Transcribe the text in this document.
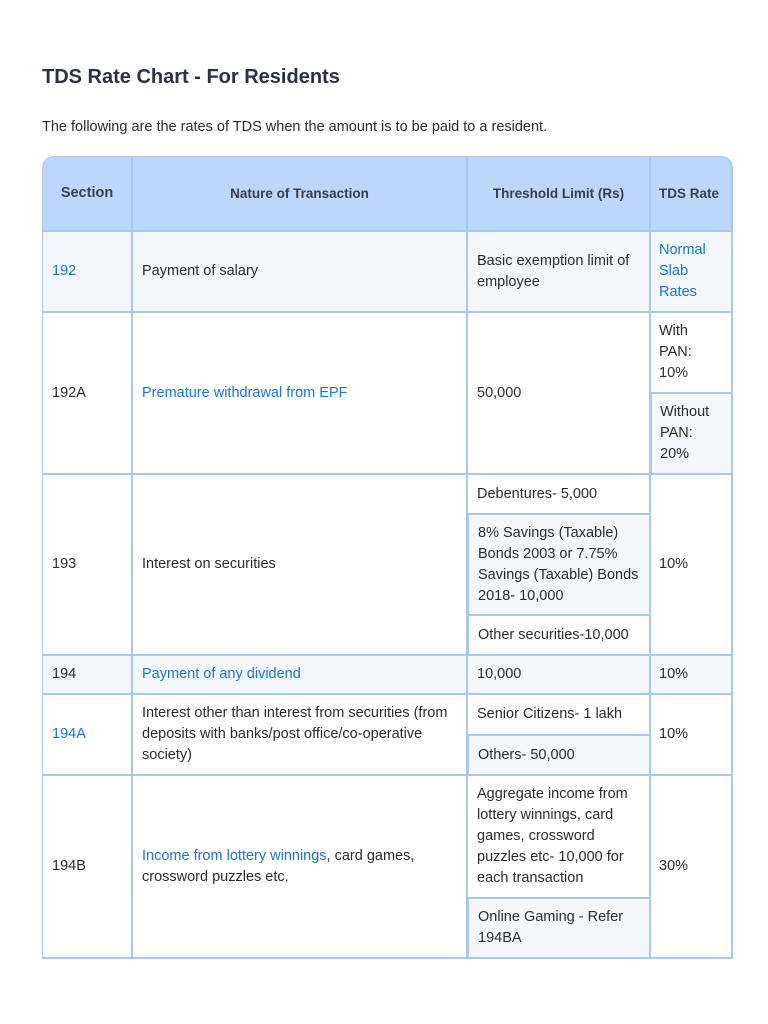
TDS Rate Chart - For Residents

The following are the rates of TDS when the amount is to be paid to a resident.

Section	Nature of Transaction	Threshold Limit (Rs)	TDS Rate
192	Payment of salary	Basic exemption limit of employee	Normal Slab Rates
192A	Premature withdrawal from EPF	50,000	With PAN: 10%
			Without PAN: 20%
193	Interest on securities	Debentures- 5,000	10%
		8% Savings (Taxable) Bonds 2003 or 7.75% Savings (Taxable) Bonds 2018- 10,000	
		Other securities-10,000	
194	Payment of any dividend	10,000	10%
194A	Interest other than interest from securities (from deposits with banks/post office/co-operative society)	Senior Citizens- 1 lakh	10%
		Others- 50,000	
194B	Income from lottery winnings, card games, crossword puzzles etc.	Aggregate income from lottery winnings, card games, crossword puzzles etc- 10,000 for each transaction	30%
		Online Gaming - Refer 194BA	
